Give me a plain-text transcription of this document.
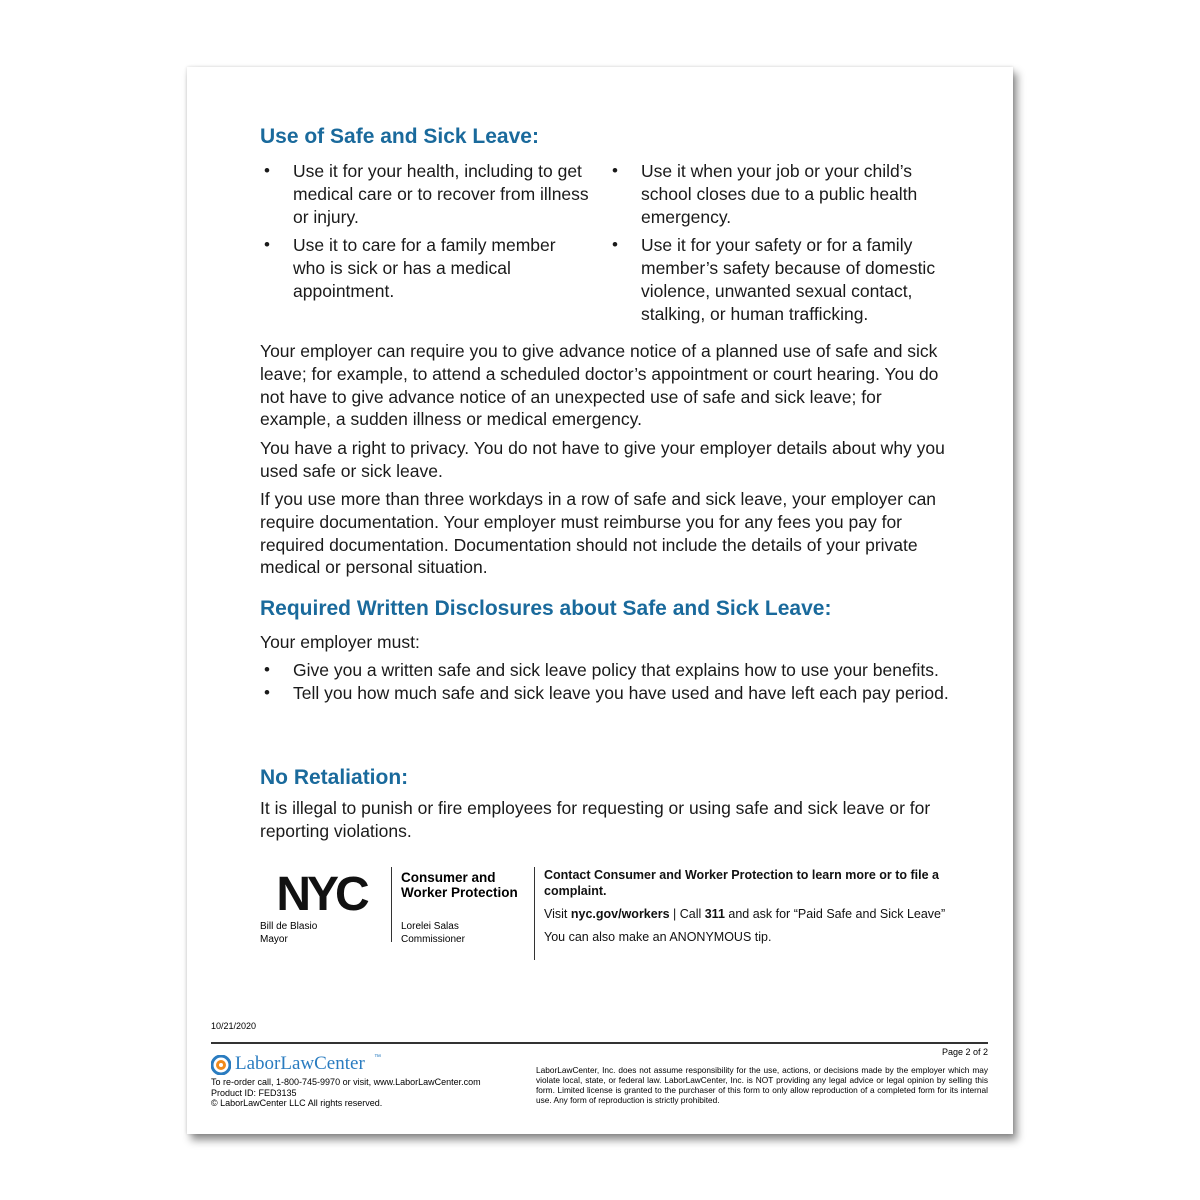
Use of Safe and Sick Leave:
• Use it for your health, including to get medical care or to recover from illness or injury.
• Use it to care for a family member who is sick or has a medical appointment.
• Use it when your job or your child’s school closes due to a public health emergency.
• Use it for your safety or for a family member’s safety because of domestic violence, unwanted sexual contact, stalking, or human trafficking.

Your employer can require you to give advance notice of a planned use of safe and sick leave; for example, to attend a scheduled doctor’s appointment or court hearing. You do not have to give advance notice of an unexpected use of safe and sick leave; for example, a sudden illness or medical emergency.

You have a right to privacy. You do not have to give your employer details about why you used safe or sick leave.

If you use more than three workdays in a row of safe and sick leave, your employer can require documentation. Your employer must reimburse you for any fees you pay for required documentation. Documentation should not include the details of your private medical or personal situation.

Required Written Disclosures about Safe and Sick Leave:

Your employer must:

• Give you a written safe and sick leave policy that explains how to use your benefits.
• Tell you how much safe and sick leave you have used and have left each pay period.
No Retaliation:

It is illegal to punish or fire employees for requesting or using safe and sick leave or for reporting violations.

NYC	Consumer and
Worker Protection
Bill de Blasio
Mayor
Lorelei Salas
Commissioner
Contact Consumer and Worker Protection to learn more or to file a complaint.
Visit nyc.gov/workers | Call 311 and ask for “Paid Safe and Sick Leave”
You can also make an ANONYMOUS tip.
10/21/2020
Page 2 of 2
LaborLawCenter ™
To re-order call, 1-800-745-9970 or visit, www.LaborLawCenter.com
Product ID: FED3135
© LaborLawCenter LLC All rights reserved.
LaborLawCenter, Inc. does not assume responsibility for the use, actions, or decisions made by the employer which may violate local, state, or federal law. LaborLawCenter, Inc. is NOT providing any legal advice or legal opinion by selling this form. Limited license is granted to the purchaser of this form to only allow reproduction of a completed form for its internal use. Any form of reproduction is strictly prohibited.
